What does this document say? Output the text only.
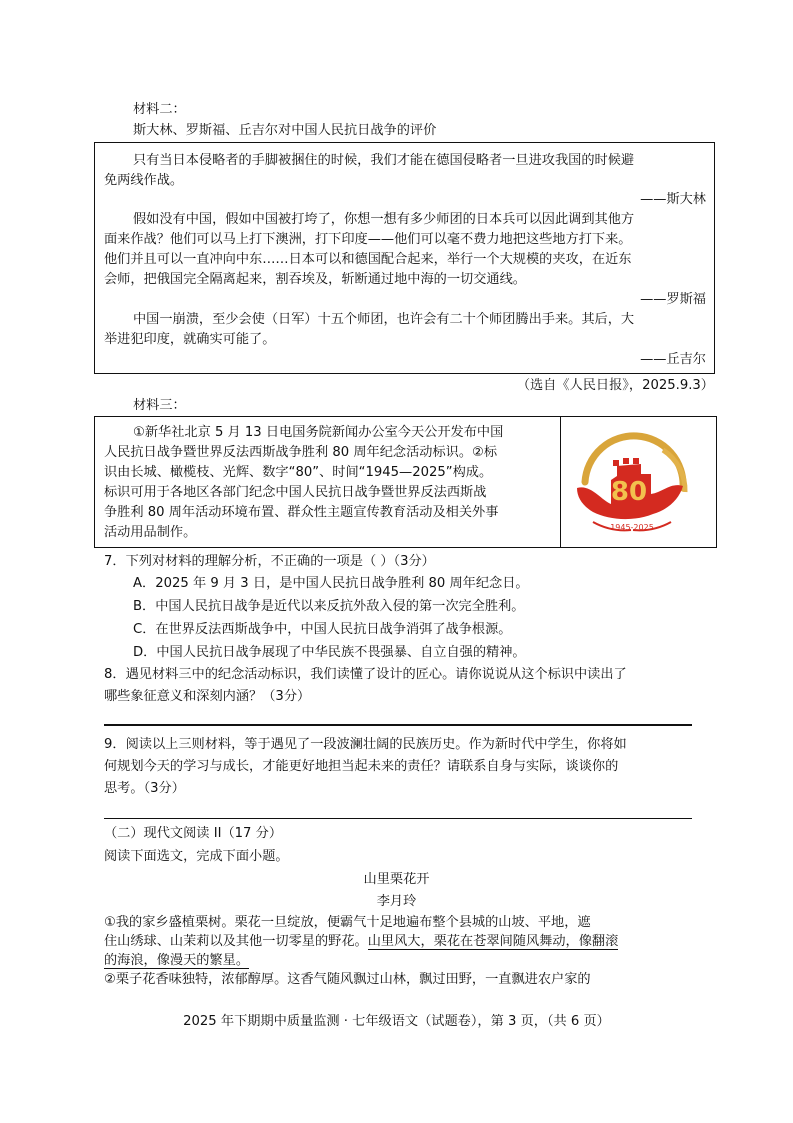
材料二：
斯大林、罗斯福、丘吉尔对中国人民抗日战争的评价
只有当日本侵略者的手脚被捆住的时候，我们才能在德国侵略者一旦进攻我国的时候避
免两线作战。
——斯大林
假如没有中国，假如中国被打垮了，你想一想有多少师团的日本兵可以因此调到其他方
面来作战？他们可以马上打下澳洲，打下印度——他们可以毫不费力地把这些地方打下来。
他们并且可以一直冲向中东……日本可以和德国配合起来，举行一个大规模的夹攻，在近东
会师，把俄国完全隔离起来，割吞埃及，斩断通过地中海的一切交通线。
——罗斯福
中国一崩溃，至少会使（日军）十五个师团，也许会有二十个师团腾出手来。其后，大
举进犯印度，就确实可能了。
——丘吉尔
（选自《人民日报》，2025.9.3）
材料三：
①新华社北京 5 月 13 日电国务院新闻办公室今天公开发布中国
人民抗日战争暨世界反法西斯战争胜利 80 周年纪念活动标识。②标
识由长城、橄榄枝、光辉、数字“80”、时间“1945—2025”构成。
标识可用于各地区各部门纪念中国人民抗日战争暨世界反法西斯战
争胜利 80 周年活动环境布置、群众性主题宣传教育活动及相关外事
活动用品制作。
80
1945-2025
7．下列对材料的理解分析，不正确的一项是（ ）（3分）
A．2025 年 9 月 3 日，是中国人民抗日战争胜利 80 周年纪念日。
B．中国人民抗日战争是近代以来反抗外敌入侵的第一次完全胜利。
C．在世界反法西斯战争中，中国人民抗日战争消弭了战争根源。
D．中国人民抗日战争展现了中华民族不畏强暴、自立自强的精神。
8．遇见材料三中的纪念活动标识，我们读懂了设计的匠心。请你说说从这个标识中读出了
哪些象征意义和深刻内涵？（3分）
9．阅读以上三则材料，等于遇见了一段波澜壮阔的民族历史。作为新时代中学生，你将如
何规划今天的学习与成长，才能更好地担当起未来的责任？请联系自身与实际，谈谈你的
思考。（3分）
（二）现代文阅读 II（17 分）
阅读下面选文，完成下面小题。
山里栗花开
李月玲
①我的家乡盛植栗树。栗花一旦绽放，便霸气十足地遍布整个县城的山坡、平地，遮
住山绣球、山茉莉以及其他一切零星的野花。山里风大，栗花在苍翠间随风舞动，像翻滚
的海浪，像漫天的繁星。
②栗子花香味独特，浓郁醇厚。这香气随风飘过山林，飘过田野，一直飘进农户家的
2025 年下期期中质量监测 · 七年级语文（试题卷），第 3 页，（共 6 页）
